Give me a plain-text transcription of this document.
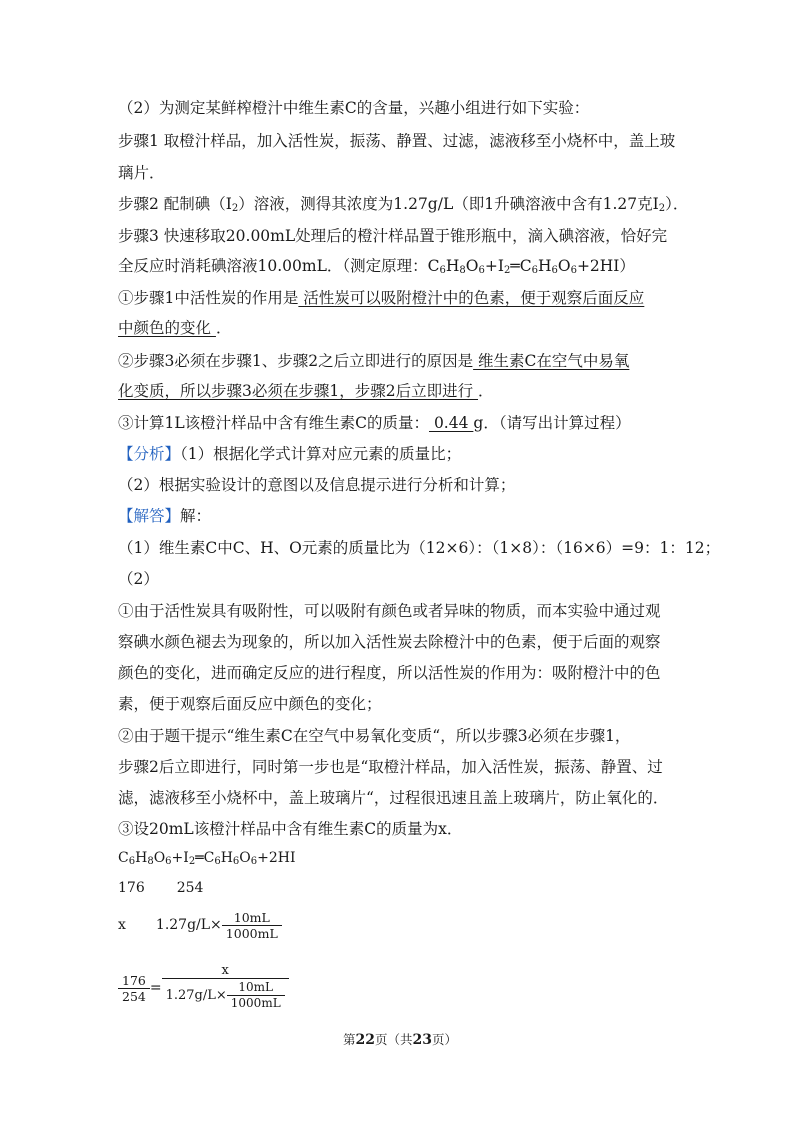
（2）为测定某鲜榨橙汁中维生素C的含量，兴趣小组进行如下实验：
步骤1 取橙汁样品，加入活性炭，振荡、静置、过滤，滤液移至小烧杯中，盖上玻
璃片．
步骤2 配制碘$(I_2)$溶液，测得其浓度为1.27g/L（即1升碘溶液中含有1.27克$I_2$）．
步骤3 快速移取20.00mL处理后的橙汁样品置于锥形瓶中，滴入碘溶液，恰好完
全反应时消耗碘溶液10.00mL．（测定原理：$C_6H_8O_6+I_2═C_6H_6O_6+2HI$）
①步骤1中活性炭的作用是 活性炭可以吸附橙汁中的色素，便于观察后面反应
中颜色的变化 ．
②步骤3必须在步骤1、步骤2之后立即进行的原因是 维生素C在空气中易氧
化变质，所以步骤3必须在步骤1，步骤2后立即进行 ．
③计算1L该橙汁样品中含有维生素C的质量： 0.44 g．（请写出计算过程）
【分析】（1）根据化学式计算对应元素的质量比；
（2）根据实验设计的意图以及信息提示进行分析和计算；
【解答】解：
（1）维生素C中C、H、O元素的质量比为（12×6）：（1×8）：（16×6）=9：1：12；
（2）
①由于活性炭具有吸附性，可以吸附有颜色或者异味的物质，而本实验中通过观
察碘水颜色褪去为现象的，所以加入活性炭去除橙汁中的色素，便于后面的观察
颜色的变化，进而确定反应的进行程度，所以活性炭的作用为：吸附橙汁中的色
素，便于观察后面反应中颜色的变化；
②由于题干提示“维生素C在空气中易氧化变质“，所以步骤3必须在步骤1，
步骤2后立即进行，同时第一步也是“取橙汁样品，加入活性炭，振荡、静置、过
滤，滤液移至小烧杯中，盖上玻璃片“，过程很迅速且盖上玻璃片，防止氧化的．
③设20mL该橙汁样品中含有维生素C的质量为x．
$C_6H_8O_6+I_2═C_6H_6O_6+2HI$
176 254
x $1.27g/L\times \frac{10mL}{1000mL}$
$\frac{176}{254} = \frac{x}{1.27g/L\times \frac{10mL}{1000mL}}$
第22页（共23页）
